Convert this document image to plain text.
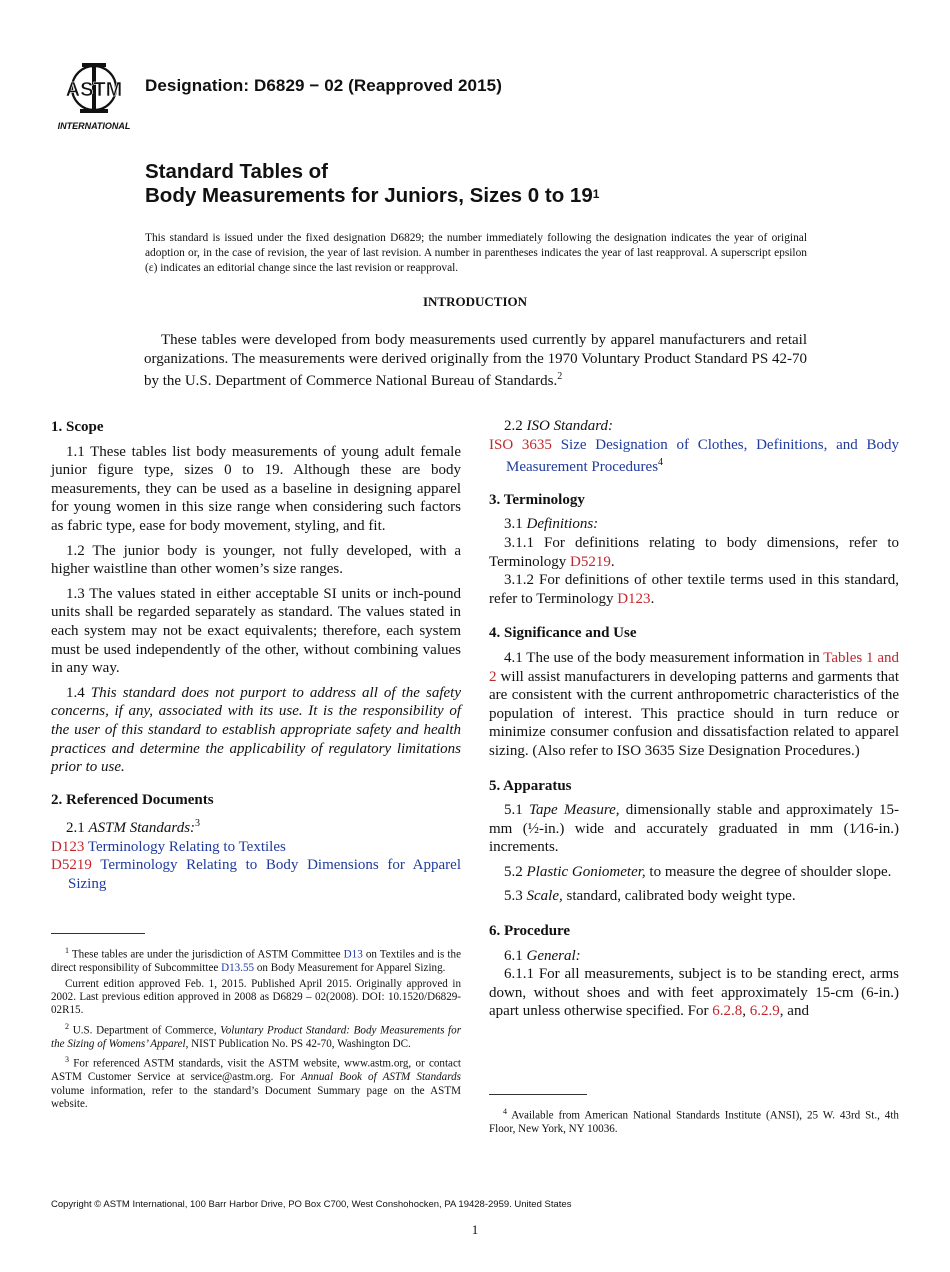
ASTM
INTERNATIONAL
Designation: D6829 − 02 (Reapproved 2015)
Standard Tables of
Body Measurements for Juniors, Sizes 0 to $19^1$
This standard is issued under the fixed designation D6829; the number immediately following the designation indicates the year of original adoption or, in the case of revision, the year of last revision. A number in parentheses indicates the year of last reapproval. A superscript epsilon (ε) indicates an editorial change since the last revision or reapproval.
INTRODUCTION

These tables were developed from body measurements used currently by apparel manufacturers and retail organizations. The measurements were derived originally from the 1970 Voluntary Product Standard PS 42-70 by the U.S. Department of Commerce National Bureau of Standards.$^2$

1. Scope

1.1 These tables list body measurements of young adult female junior figure type, sizes 0 to 19. Although these are body measurements, they can be used as a baseline in designing apparel for young women in this size range when considering such factors as fabric type, ease for body movement, styling, and fit.

1.2 The junior body is younger, not fully developed, with a higher waistline than other women’s size ranges.

1.3 The values stated in either acceptable SI units or inch-pound units shall be regarded separately as standard. The values stated in each system may not be exact equivalents; therefore, each system must be used independently of the other, without combining values in any way.

1.4 This standard does not purport to address all of the safety concerns, if any, associated with its use. It is the responsibility of the user of this standard to establish appropriate safety and health practices and determine the applicability of regulatory limitations prior to use.

2. Referenced Documents

2.1 ASTM Standards:$^3$

D123 Terminology Relating to Textiles

D5219 Terminology Relating to Body Dimensions for Apparel Sizing

$^1$ These tables are under the jurisdiction of ASTM Committee D13 on Textiles and is the direct responsibility of Subcommittee D13.55 on Body Measurement for Apparel Sizing.

Current edition approved Feb. 1, 2015. Published April 2015. Originally approved in 2002. Last previous edition approved in 2008 as D6829 – 02(2008). DOI: 10.1520/D6829-02R15.

$^2$ U.S. Department of Commerce, Voluntary Product Standard: Body Measurements for the Sizing of Womens’ Apparel, NIST Publication No. PS 42-70, Washington DC.

$^3$ For referenced ASTM standards, visit the ASTM website, www.astm.org, or contact ASTM Customer Service at service@astm.org. For Annual Book of ASTM Standards volume information, refer to the standard’s Document Summary page on the ASTM website.

2.2 ISO Standard:

ISO 3635 Size Designation of Clothes, Definitions, and Body Measurement Procedures$^4$

3. Terminology

3.1 Definitions:

3.1.1 For definitions relating to body dimensions, refer to Terminology D5219.

3.1.2 For definitions of other textile terms used in this standard, refer to Terminology D123.

4. Significance and Use

4.1 The use of the body measurement information in Tables 1 and 2 will assist manufacturers in developing patterns and garments that are consistent with the current anthropometric characteristics of the population of interest. This practice should in turn reduce or minimize consumer confusion and dissatisfaction related to apparel sizing. (Also refer to ISO 3635 Size Designation Procedures.)

5. Apparatus

5.1 Tape Measure, dimensionally stable and approximately 15-mm (½-in.) wide and accurately graduated in mm (1⁄16-in.) increments.

5.2 Plastic Goniometer, to measure the degree of shoulder slope.

5.3 Scale, standard, calibrated body weight type.

6. Procedure

6.1 General:

6.1.1 For all measurements, subject is to be standing erect, arms down, without shoes and with feet approximately 15-cm (6-in.) apart unless otherwise specified. For 6.2.8, 6.2.9, and

$^4$ Available from American National Standards Institute (ANSI), 25 W. 43rd St., 4th Floor, New York, NY 10036.

Copyright © ASTM International, 100 Barr Harbor Drive, PO Box C700, West Conshohocken, PA 19428-2959. United States
1
